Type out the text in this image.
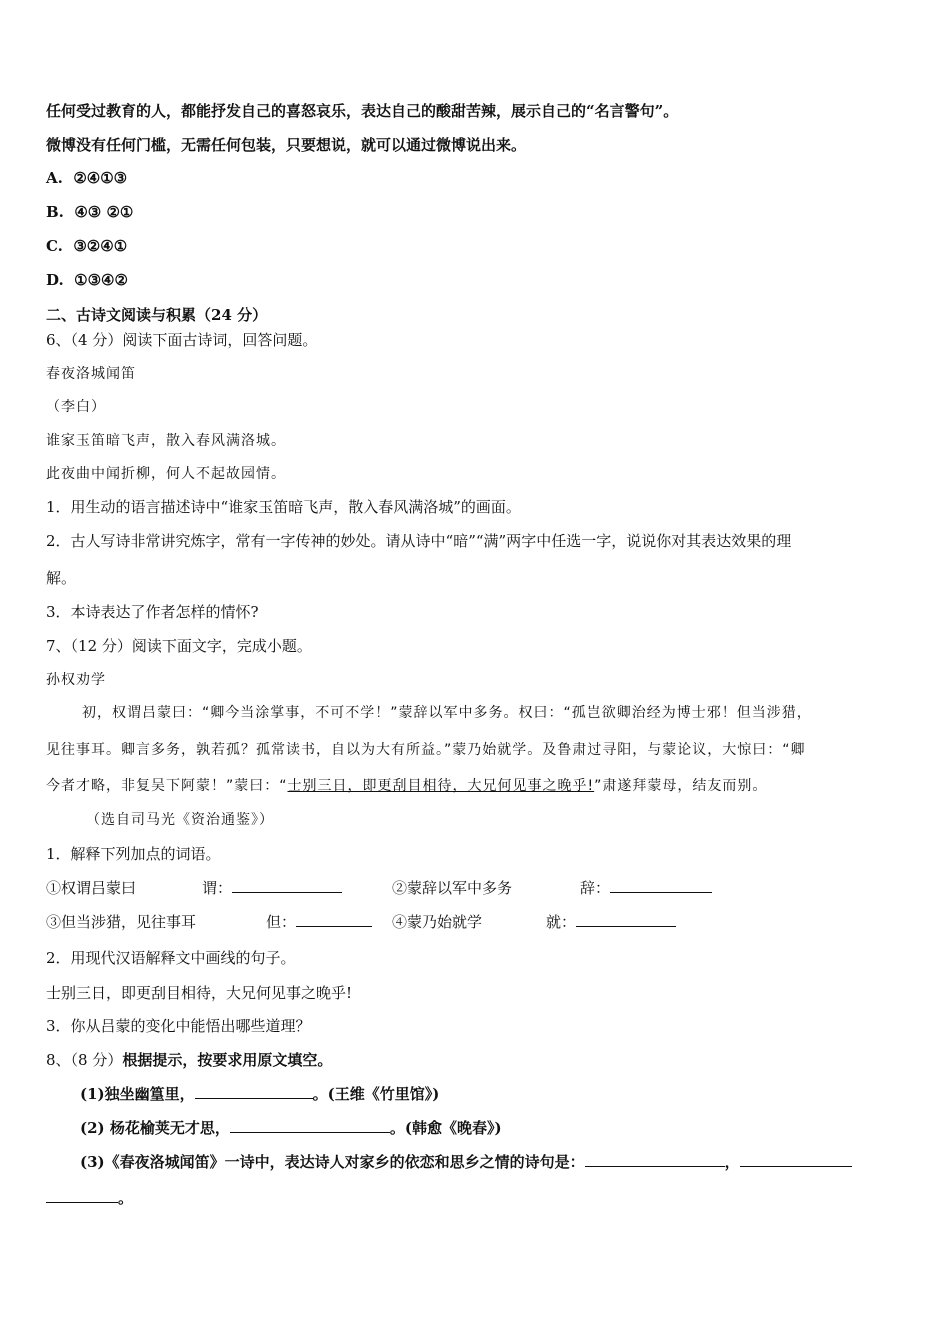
任何受过教育的人，都能抒发自己的喜怒哀乐，表达自己的酸甜苦辣，展示自己的“名言警句”。
微博没有任何门槛，无需任何包装，只要想说，就可以通过微博说出来。
A. ②④①③
B. ④③ ②①
C. ③②④①
D. ①③④②
二、古诗文阅读与积累（24 分）
6、（4 分）阅读下面古诗词，回答问题。
春夜洛城闻笛
（李白）
谁家玉笛暗飞声，散入春风满洛城。
此夜曲中闻折柳，何人不起故园情。
1．用生动的语言描述诗中“谁家玉笛暗飞声，散入春风满洛城”的画面。
2．古人写诗非常讲究炼字，常有一字传神的妙处。请从诗中“暗”“满”两字中任选一字，说说你对其表达效果的理
解。
3．本诗表达了作者怎样的情怀?
7、（12 分）阅读下面文字，完成小题。
孙权劝学
初，权谓吕蒙曰：“卿今当涂掌事，不可不学！”蒙辞以军中多务。权曰：“孤岂欲卿治经为博士邪！但当涉猎，
见往事耳。卿言多务，孰若孤？孤常读书，自以为大有所益。”蒙乃始就学。及鲁肃过寻阳，与蒙论议，大惊曰：“卿
今者才略，非复吴下阿蒙！”蒙曰：“士别三日，即更刮目相待，大兄何见事之晚乎!”肃遂拜蒙母，结友而别。
（选自司马光《资治通鉴》）
1．解释下列加点的词语。
①权谓吕蒙曰	谓：	②蒙辞以军中多务	辞：
③但当涉猎，见往事耳	但：	④蒙乃始就学	就：
2．用现代汉语解释文中画线的句子。
士别三日，即更刮目相待，大兄何见事之晚乎!
3．你从吕蒙的变化中能悟出哪些道理？
8、（8 分）根据提示，按要求用原文填空。
(1)独坐幽篁里，	。(王维《竹里馆》)
(2) 杨花榆荚无才思，	。(韩愈《晚春》)
(3)《春夜洛城闻笛》一诗中，表达诗人对家乡的依恋和思乡之情的诗句是：	，
。
